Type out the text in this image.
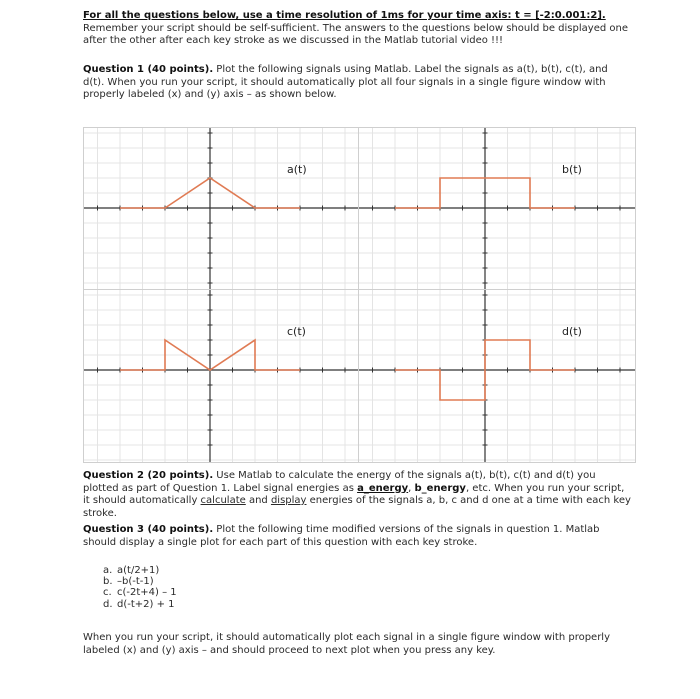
For all the questions below, use a time resolution of 1ms for your time axis: t = [-2:0.001:2]. Remember your script should be self-sufficient. The answers to the questions below should be displayed one after the other after each key stroke as we discussed in the Matlab tutorial video !!!

Question 1 (40 points). Plot the following signals using Matlab. Label the signals as a(t), b(t), c(t), and d(t). When you run your script, it should automatically plot all four signals in a single figure window with properly labeled (x) and (y) axis – as shown below.

a(t)	b(t)
c(t)	d(t)

Question 2 (20 points). Use Matlab to calculate the energy of the signals a(t), b(t), c(t) and d(t) you plotted as part of Question 1. Label signal energies as a_energy, b_energy, etc. When you run your script, it should automatically calculate and display energies of the signals a, b, c and d one at a time with each key stroke.

Question 3 (40 points). Plot the following time modified versions of the signals in question 1. Matlab should display a single plot for each part of this question with each key stroke.

a. a(t/2+1)
b. –b(-t-1)
c. c(-2t+4) – 1
d. d(-t+2) + 1

When you run your script, it should automatically plot each signal in a single figure window with properly labeled (x) and (y) axis – and should proceed to next plot when you press any key.
